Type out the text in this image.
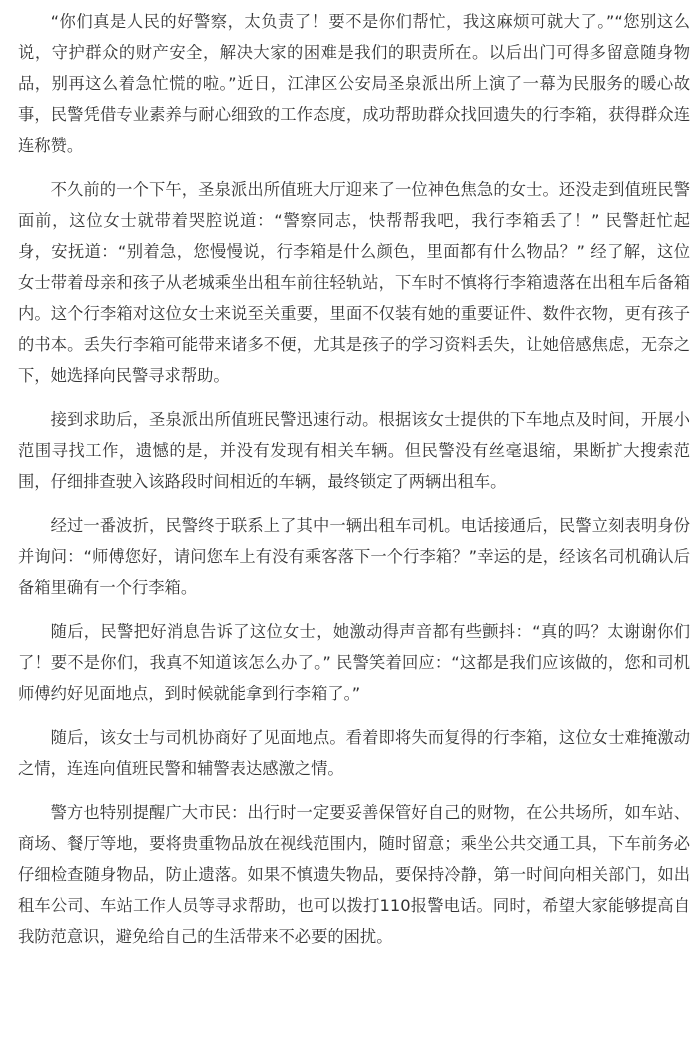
“你们真是人民的好警察，太负责了！要不是你们帮忙，我这麻烦可就大了。”“您别这么说，守护群众的财产安全，解决大家的困难是我们的职责所在。以后出门可得多留意随身物品，别再这么着急忙慌的啦。”近日，江津区公安局圣泉派出所上演了一幕为民服务的暖心故事，民警凭借专业素养与耐心细致的工作态度，成功帮助群众找回遗失的行李箱，获得群众连连称赞。

不久前的一个下午，圣泉派出所值班大厅迎来了一位神色焦急的女士。还没走到值班民警面前，这位女士就带着哭腔说道：“警察同志，快帮帮我吧，我行李箱丢了！” 民警赶忙起身，安抚道：“别着急，您慢慢说，行李箱是什么颜色，里面都有什么物品？” 经了解，这位女士带着母亲和孩子从老城乘坐出租车前往轻轨站，下车时不慎将行李箱遗落在出租车后备箱内。这个行李箱对这位女士来说至关重要，里面不仅装有她的重要证件、数件衣物，更有孩子的书本。丢失行李箱可能带来诸多不便，尤其是孩子的学习资料丢失，让她倍感焦虑，无奈之下，她选择向民警寻求帮助。

接到求助后，圣泉派出所值班民警迅速行动。根据该女士提供的下车地点及时间，开展小范围寻找工作，遗憾的是，并没有发现有相关车辆。但民警没有丝毫退缩，果断扩大搜索范围，仔细排查驶入该路段时间相近的车辆，最终锁定了两辆出租车。

经过一番波折，民警终于联系上了其中一辆出租车司机。电话接通后，民警立刻表明身份并询问：“师傅您好，请问您车上有没有乘客落下一个行李箱？”幸运的是，经该名司机确认后备箱里确有一个行李箱。

随后，民警把好消息告诉了这位女士，她激动得声音都有些颤抖：“真的吗？太谢谢你们了！要不是你们，我真不知道该怎么办了。” 民警笑着回应：“这都是我们应该做的，您和司机师傅约好见面地点，到时候就能拿到行李箱了。”

随后，该女士与司机协商好了见面地点。看着即将失而复得的行李箱，这位女士难掩激动之情，连连向值班民警和辅警表达感激之情。

警方也特别提醒广大市民：出行时一定要妥善保管好自己的财物，在公共场所，如车站、商场、餐厅等地，要将贵重物品放在视线范围内，随时留意；乘坐公共交通工具，下车前务必仔细检查随身物品，防止遗落。如果不慎遗失物品，要保持冷静，第一时间向相关部门，如出租车公司、车站工作人员等寻求帮助，也可以拨打110报警电话。同时，希望大家能够提高自我防范意识，避免给自己的生活带来不必要的困扰。
